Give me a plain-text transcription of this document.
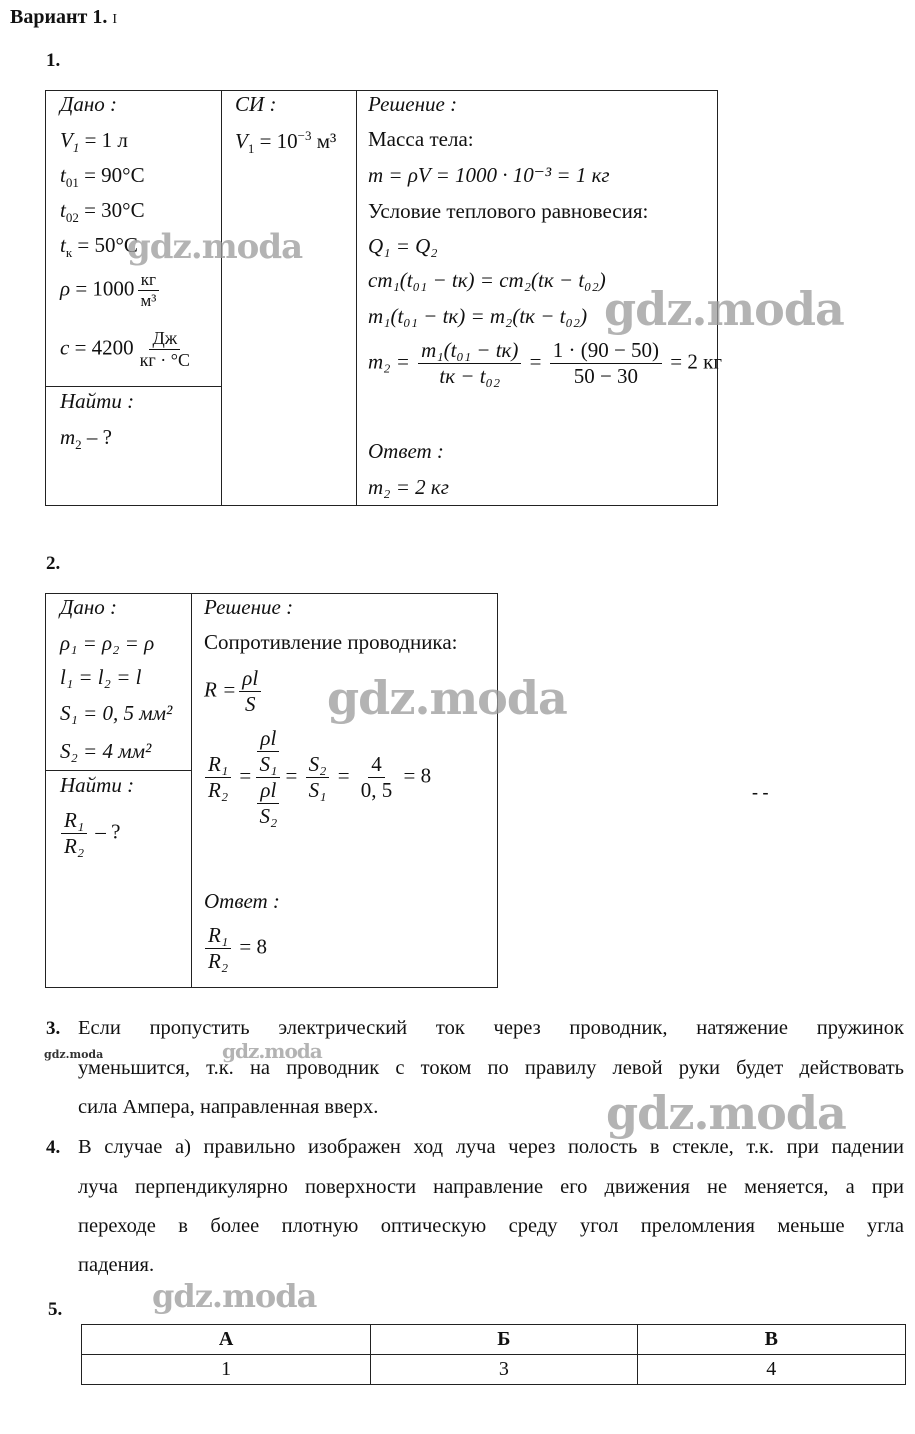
Вариант 1. I
1.

Дано :
$V_1 = 1$ л
$t_{01} = 90^\circ C$
$t_{02} = 30^\circ C$
$t_к = 50^\circ C$
$\rho = 1000 \frac{кг}{\text{м³}}$
$c = 4200 \frac{Дж}{кг \cdot ^\circ C}$
Найти :
$m_2$ – ?
СИ :
$V_1 = 10^{-3}$ м³
Решение :
Масса тела:
m = ρV = 1000 · 10⁻³ = 1 кг
Условие теплового равновесия:
Q₁ = Q₂
cm₁(t₀₁ − tк) = cm₂(tк − t₀₂)
m₁(t₀₁ − tк) = m₂(tк − t₀₂)
$m_2 = \frac{\text{m₁(t₀₁ − tк)}}{\text{tк − t₀₂}} = \frac{1 \cdot (90 - 50)}{50 - 30} = 2$ кг
Ответ :
m₂ = 2 кг
2.

Дано :
ρ₁ = ρ₂ = ρ
l₁ = l₂ = l
S₁ = 0, 5 мм²
S₂ = 4 мм²
Найти :
$\frac{\text{R₁}}{\text{R₂}}$ – ?
Решение :
Сопротивление проводника:
$R = \frac{\rho l}{S}$
$\frac{\text{R₁}}{\text{R₂}} = \frac{\frac{\rho l}{\text{S₁}}}{\frac{\rho l}{\text{S₂}}} = \frac{\text{S₂}}{\text{S₁}} = \frac{4}{0, 5} = 8$
Ответ :
$\frac{\text{R₁}}{\text{R₂}} = 8$
- -
3. Если пропустить электрический ток через проводник, натяжение пружинок
уменьшится, т.к. на проводник с током по правилу левой руки будет действовать
сила Ампера, направленная вверх.
4. В случае а) правильно изображен ход луча через полость в стекле, т.к. при падении
луча перпендикулярно поверхности направление его движения не меняется, а при
переходе в более плотную оптическую среду угол преломления меньше угла
падения.
5.
А	Б	В
1	3	4
gdz.moda
gdz.moda
gdz.moda
gdz.moda	gdz.moda
gdz.moda
gdz.moda
